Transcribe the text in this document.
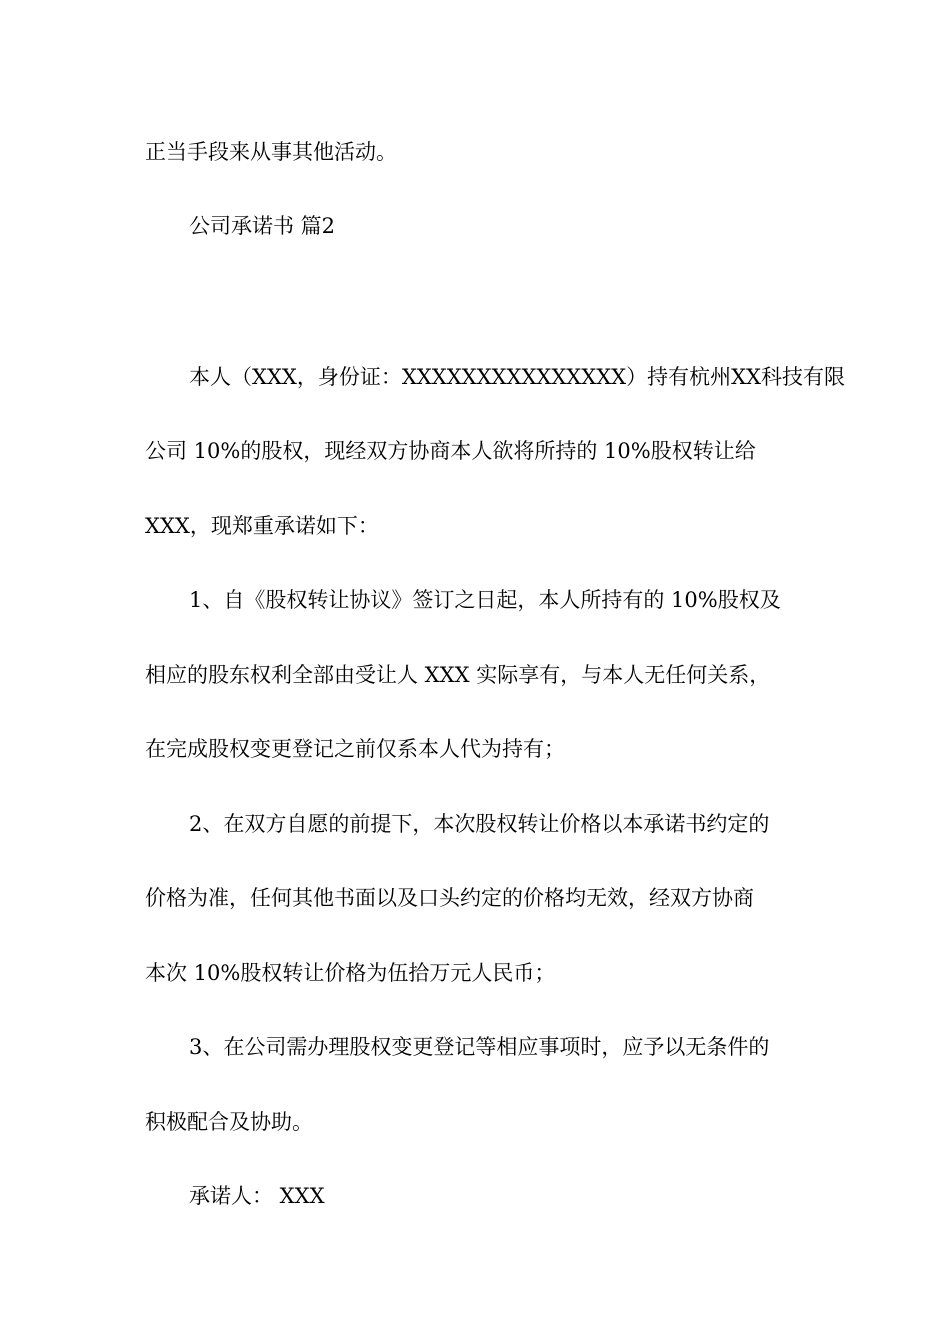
正当手段来从事其他活动。
公司承诺书 篇2
本人（XXX，身份证：XXXXXXXXXXXXXXX）持有杭州XX科技有限
公司 10%的股权，现经双方协商本人欲将所持的 10%股权转让给
XXX，现郑重承诺如下：
1、自《股权转让协议》签订之日起，本人所持有的 10%股权及
相应的股东权利全部由受让人 XXX 实际享有，与本人无任何关系，
在完成股权变更登记之前仅系本人代为持有；
2、在双方自愿的前提下，本次股权转让价格以本承诺书约定的
价格为准，任何其他书面以及口头约定的价格均无效，经双方协商
本次 10%股权转让价格为伍拾万元人民币；
3、在公司需办理股权变更登记等相应事项时，应予以无条件的
积极配合及协助。
承诺人： XXX
